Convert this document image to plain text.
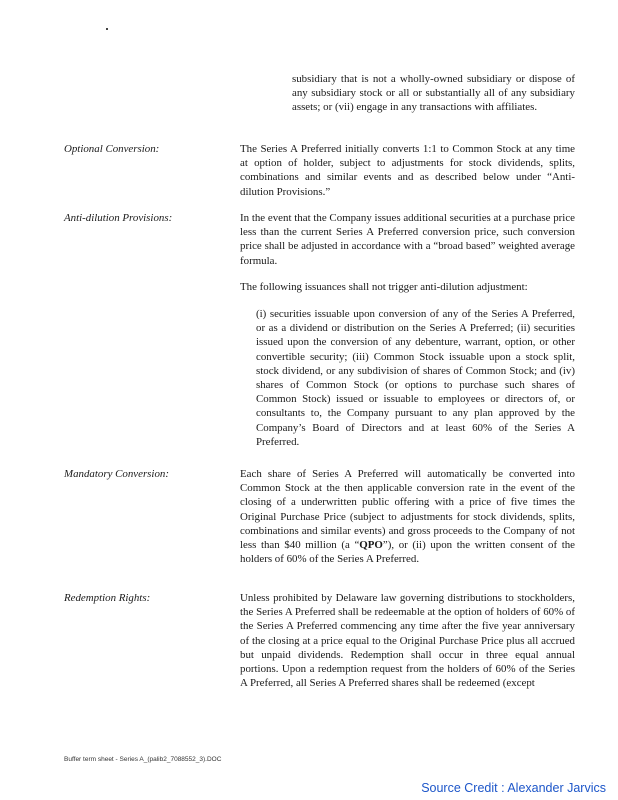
subsidiary that is not a wholly-owned subsidiary or dispose of any subsidiary stock or all or substantially all of any subsidiary assets; or (vii) engage in any transactions with affiliates.
Optional Conversion:	The Series A Preferred initially converts 1:1 to Common Stock at any time at option of holder, subject to adjustments for stock dividends, splits, combinations and similar events and as described below under “Anti-dilution Provisions.”
Anti-dilution Provisions:	In the event that the Company issues additional securities at a purchase price less than the current Series A Preferred conversion price, such conversion price shall be adjusted in accordance with a “broad based” weighted average formula.
The following issuances shall not trigger anti-dilution adjustment:
(i) securities issuable upon conversion of any of the Series A Preferred, or as a dividend or distribution on the Series A Preferred; (ii) securities issued upon the conversion of any debenture, warrant, option, or other convertible security; (iii) Common Stock issuable upon a stock split, stock dividend, or any subdivision of shares of Common Stock; and (iv) shares of Common Stock (or options to purchase such shares of Common Stock) issued or issuable to employees or directors of, or consultants to, the Company pursuant to any plan approved by the Company’s Board of Directors and at least 60% of the Series A Preferred.
Mandatory Conversion:	Each share of Series A Preferred will automatically be converted into Common Stock at the then applicable conversion rate in the event of the closing of a underwritten public offering with a price of five times the Original Purchase Price (subject to adjustments for stock dividends, splits, combinations and similar events) and gross proceeds to the Company of not less than $40 million (a “QPO”), or (ii) upon the written consent of the holders of 60% of the Series A Preferred.
Redemption Rights:	Unless prohibited by Delaware law governing distributions to stockholders, the Series A Preferred shall be redeemable at the option of holders of 60% of the Series A Preferred commencing any time after the five year anniversary of the closing at a price equal to the Original Purchase Price plus all accrued but unpaid dividends. Redemption shall occur in three equal annual portions. Upon a redemption request from the holders of 60% of the Series A Preferred, all Series A Preferred shares shall be redeemed (except
Buffer term sheet - Series A_(palib2_7088552_3).DOC
Source Credit : Alexander Jarvics
